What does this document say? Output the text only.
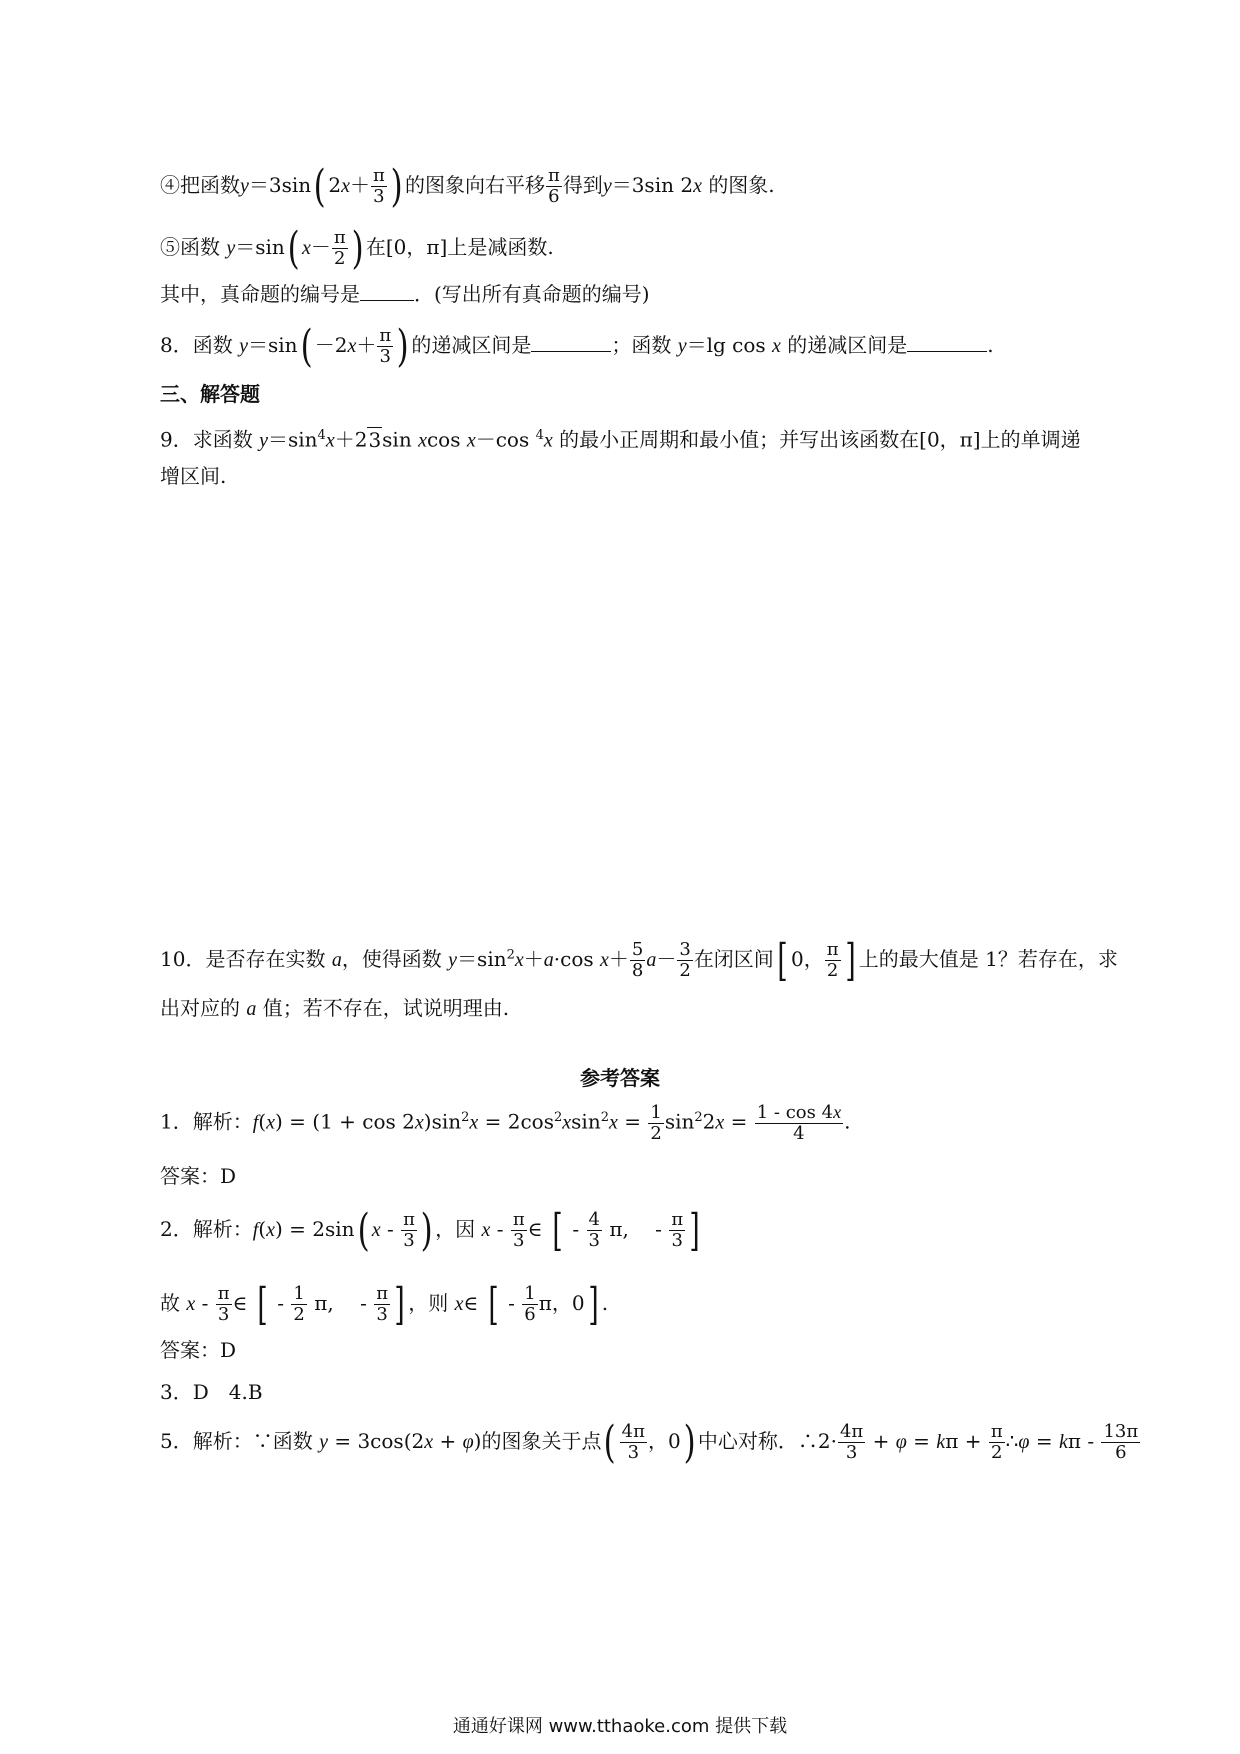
④把函数y＝3sin( $2x+ \frac{\pi}{3}$ ) 的图象向右平移 $\frac{\pi}{6}$ 得到y＝3sin 2x 的图象.
⑤函数 y＝sin( $x- \frac{\pi}{2}$ ) 在[0，π]上是减函数.
其中，真命题的编号是	．(写出所有真命题的编号)
8．函数 $y=\sin( -2x+ \frac{\pi}{3}$ ) 的递减区间是	；函数 y＝lg cos x 的递减区间是	.
三、解答题
9．求函数 $y=\sin^4x+23\sin$ xcos x－cos $^4$x 的最小正周期和最小值；并写出该函数在[0，π]上的单调递
增区间.
10．是否存在实数 a，使得函数 $y=\sin^2x+a\cdot\cos$ $x+ \frac{5}{8} a- \frac{3}{2}$ 在闭区间[ 0， $\frac{\pi}{2}$ ] 上的最大值是 1？若存在，求
出对应的 a 值；若不存在，试说明理由.
参考答案
1．解析：$f(x) = (1 + \cos 2x)\sin^2x = 2\cos^2xsin^2x = \frac{1}{2} \sin^22x = \frac{1 - \cos 4x}{4}$ .
答案：D
2．解析：f(x) = 2sin( x - $\frac{\pi}{3}$ ) ，因 x - $\frac{\pi}{3}$ ∈ [ - $\frac{4}{3} \pi$,　 - $\frac{\pi}{3}$ ]
故 x - $\frac{\pi}{3}$ ∈ [ - $\frac{1}{2} \pi$,　 - $\frac{\pi}{3}$ ] ，则 x∈ [ - $\frac{1}{6}$ π，0] .
答案：D
3．D　4.B
5．解析：∵函数 y = 3cos(2x + φ)的图象关于点( $\frac{4\pi}{3}$ ，0) 中心对称．∴2· $\frac{4\pi}{3} + \varphi = k\pi + \frac{\pi}{2}$ ∴φ = kπ - $\frac{13\pi}{6}$
通通好课网 www.tthaoke.com 提供下载
